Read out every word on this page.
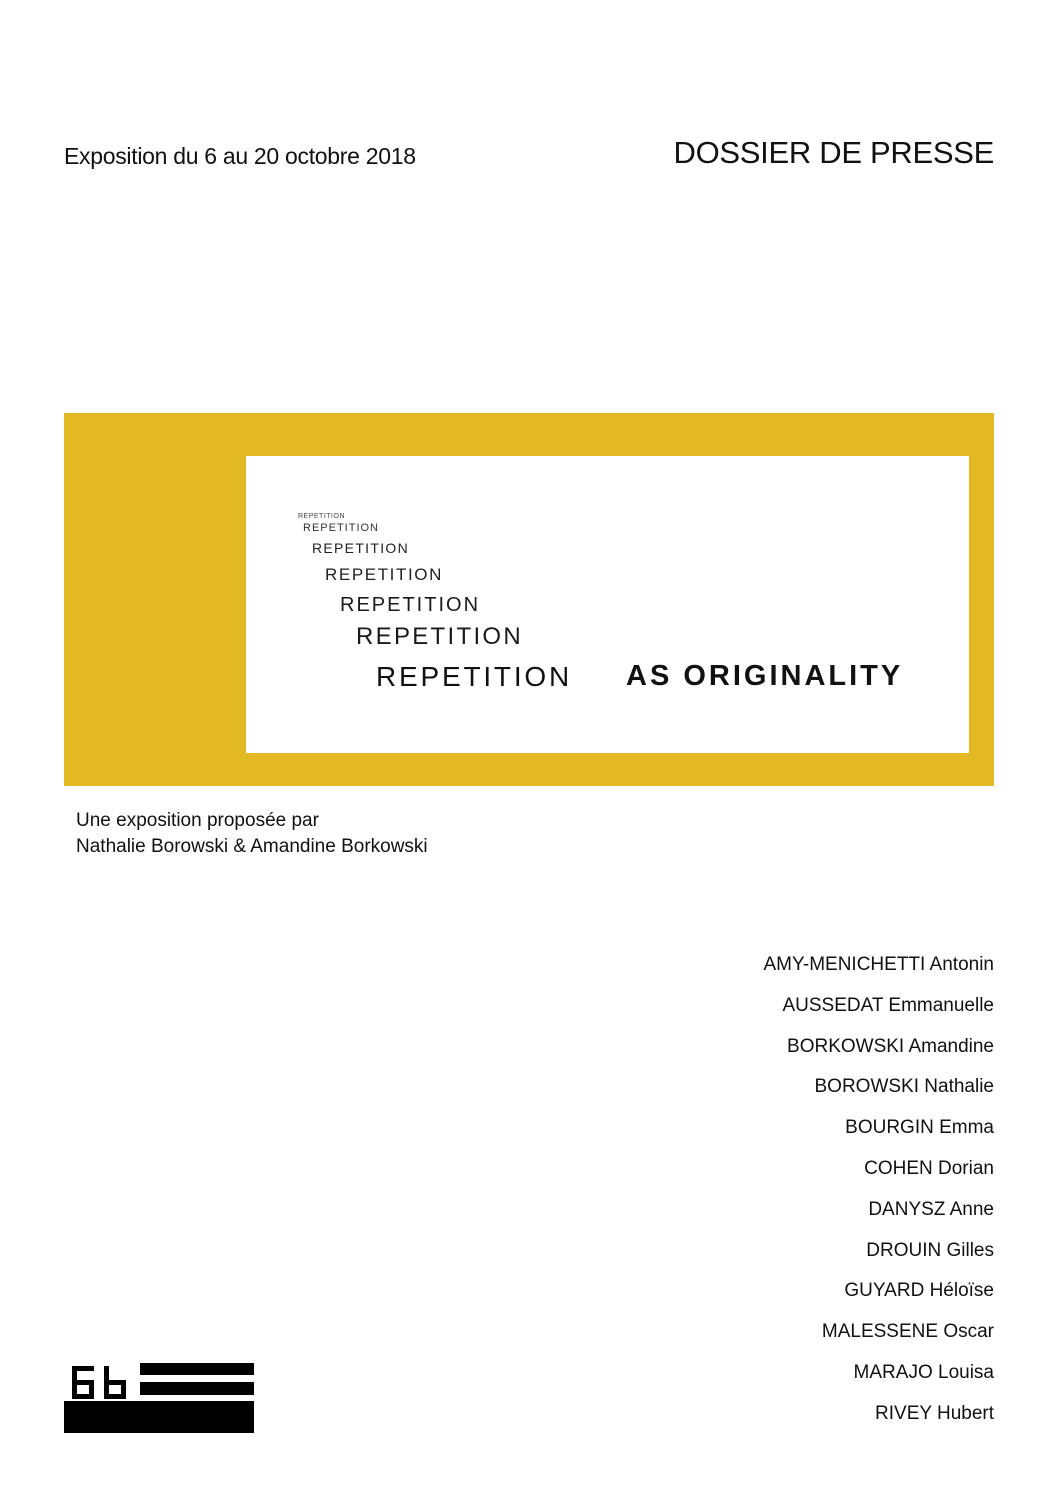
Exposition du 6 au 20 octobre 2018	DOSSIER DE PRESSE
REPETITION
REPETITION
REPETITION
REPETITION
REPETITION
REPETITION
REPETITION AS ORIGINALITY
Une exposition proposée par
Nathalie Borowski & Amandine Borkowski
AMY-MENICHETTI Antonin
AUSSEDAT Emmanuelle
BORKOWSKI Amandine
BOROWSKI Nathalie
BOURGIN Emma
COHEN Dorian
DANYSZ Anne
DROUIN Gilles
GUYARD Héloïse
MALESSENE Oscar
MARAJO Louisa
RIVEY Hubert
